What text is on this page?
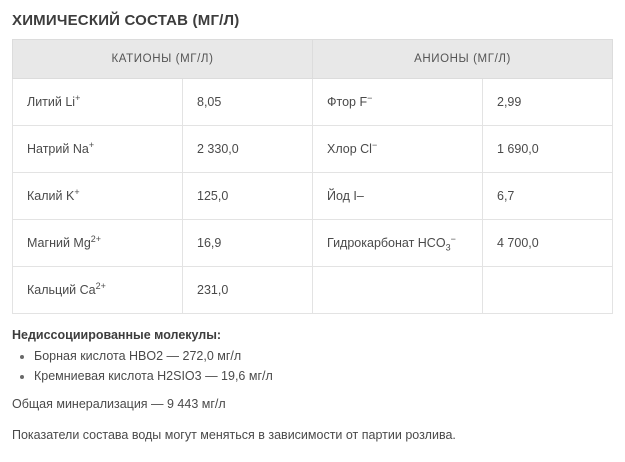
ХИМИЧЕСКИЙ СОСТАВ (МГ/Л)
КАТИОНЫ (МГ/Л)		АНИОНЫ (МГ/Л)	
Литий Li+	8,05	Фтор F−	2,99
Натрий Na+	2 330,0	Хлор Cl−	1 690,0
Калий K+	125,0	Йод I–	6,7
Магний $Mg^{2+}$	16,9	Гидрокарбонат $HCO_3^-$	4 700,0
Кальций $Ca^{2+}$	231,0		
Недиссоциированные молекулы:
• Борная кислота HBO2 — 272,0 мг/л
• Кремниевая кислота H2SIO3 — 19,6 мг/л
Общая минерализация — 9 443 мг/л
Показатели состава воды могут меняться в зависимости от партии розлива.
